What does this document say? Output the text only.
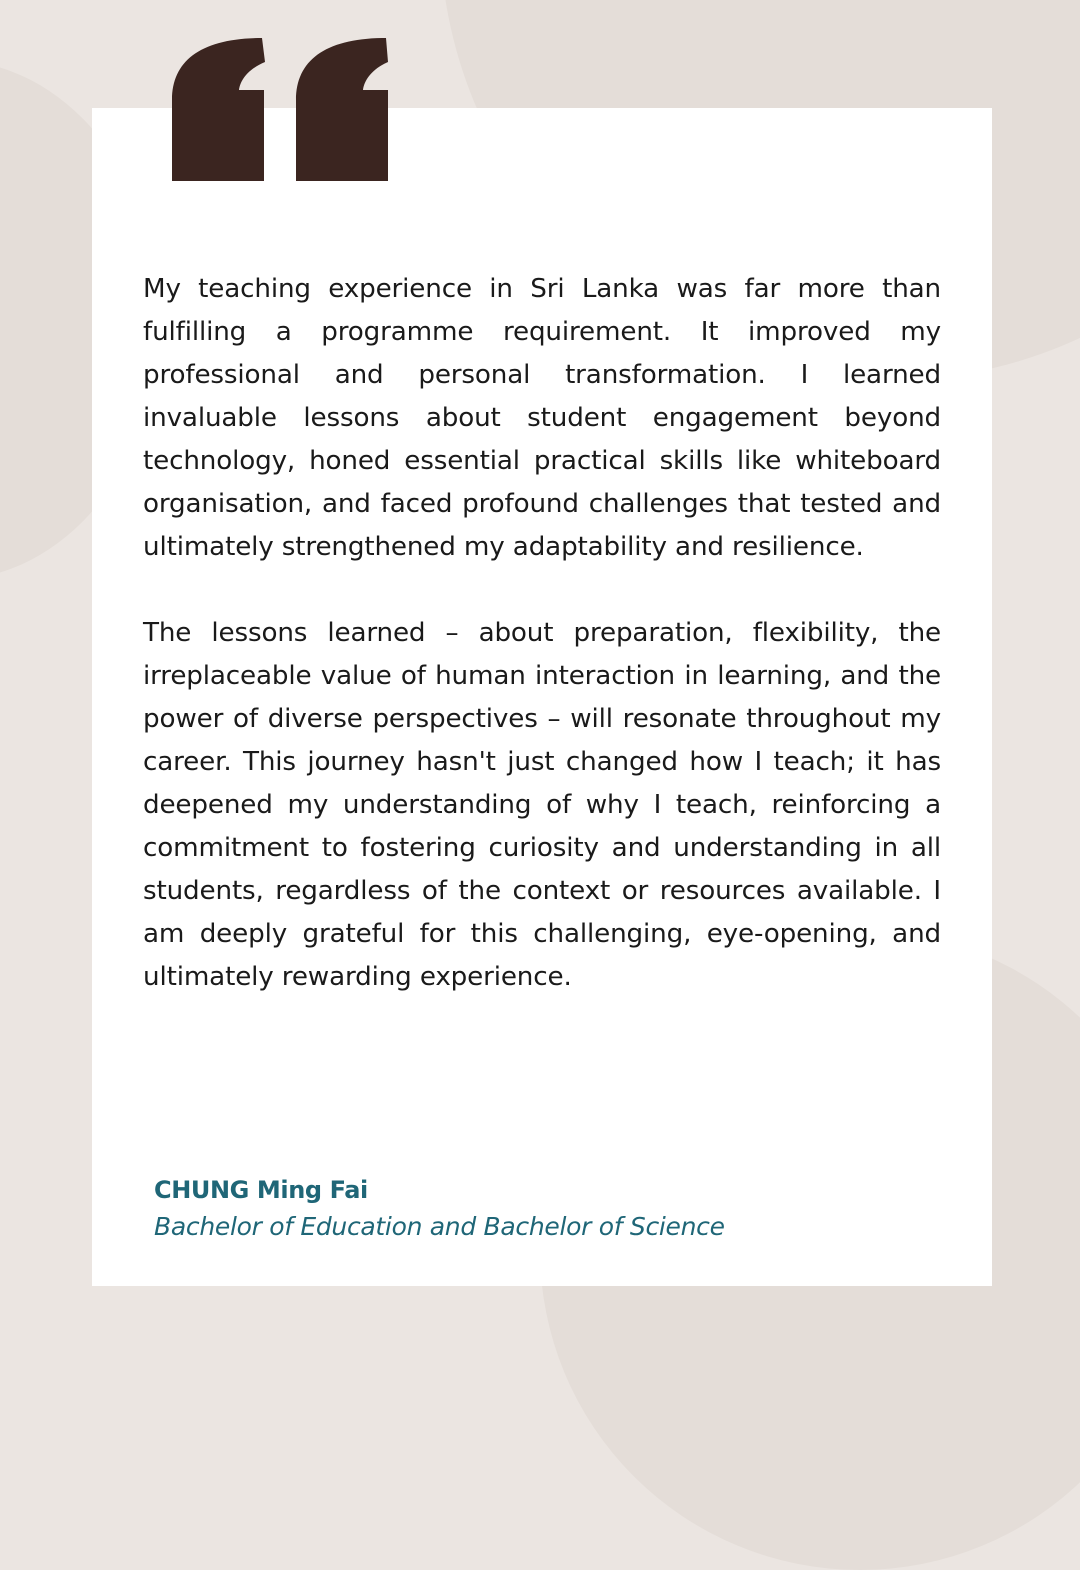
My teaching experience in Sri Lanka was far more than fulfilling a programme requirement. It improved my professional and personal transformation. I learned invaluable lessons about student engagement beyond technology, honed essential practical skills like whiteboard organisation, and faced profound challenges that tested and ultimately strengthened my adaptability and resilience.

The lessons learned – about preparation, flexibility, the irreplaceable value of human interaction in learning, and the power of diverse perspectives – will resonate throughout my career. This journey hasn't just changed how I teach; it has deepened my understanding of why I teach, reinforcing a commitment to fostering curiosity and understanding in all students, regardless of the context or resources available. I am deeply grateful for this challenging, eye-opening, and ultimately rewarding experience.

CHUNG Ming Fai
Bachelor of Education and Bachelor of Science
